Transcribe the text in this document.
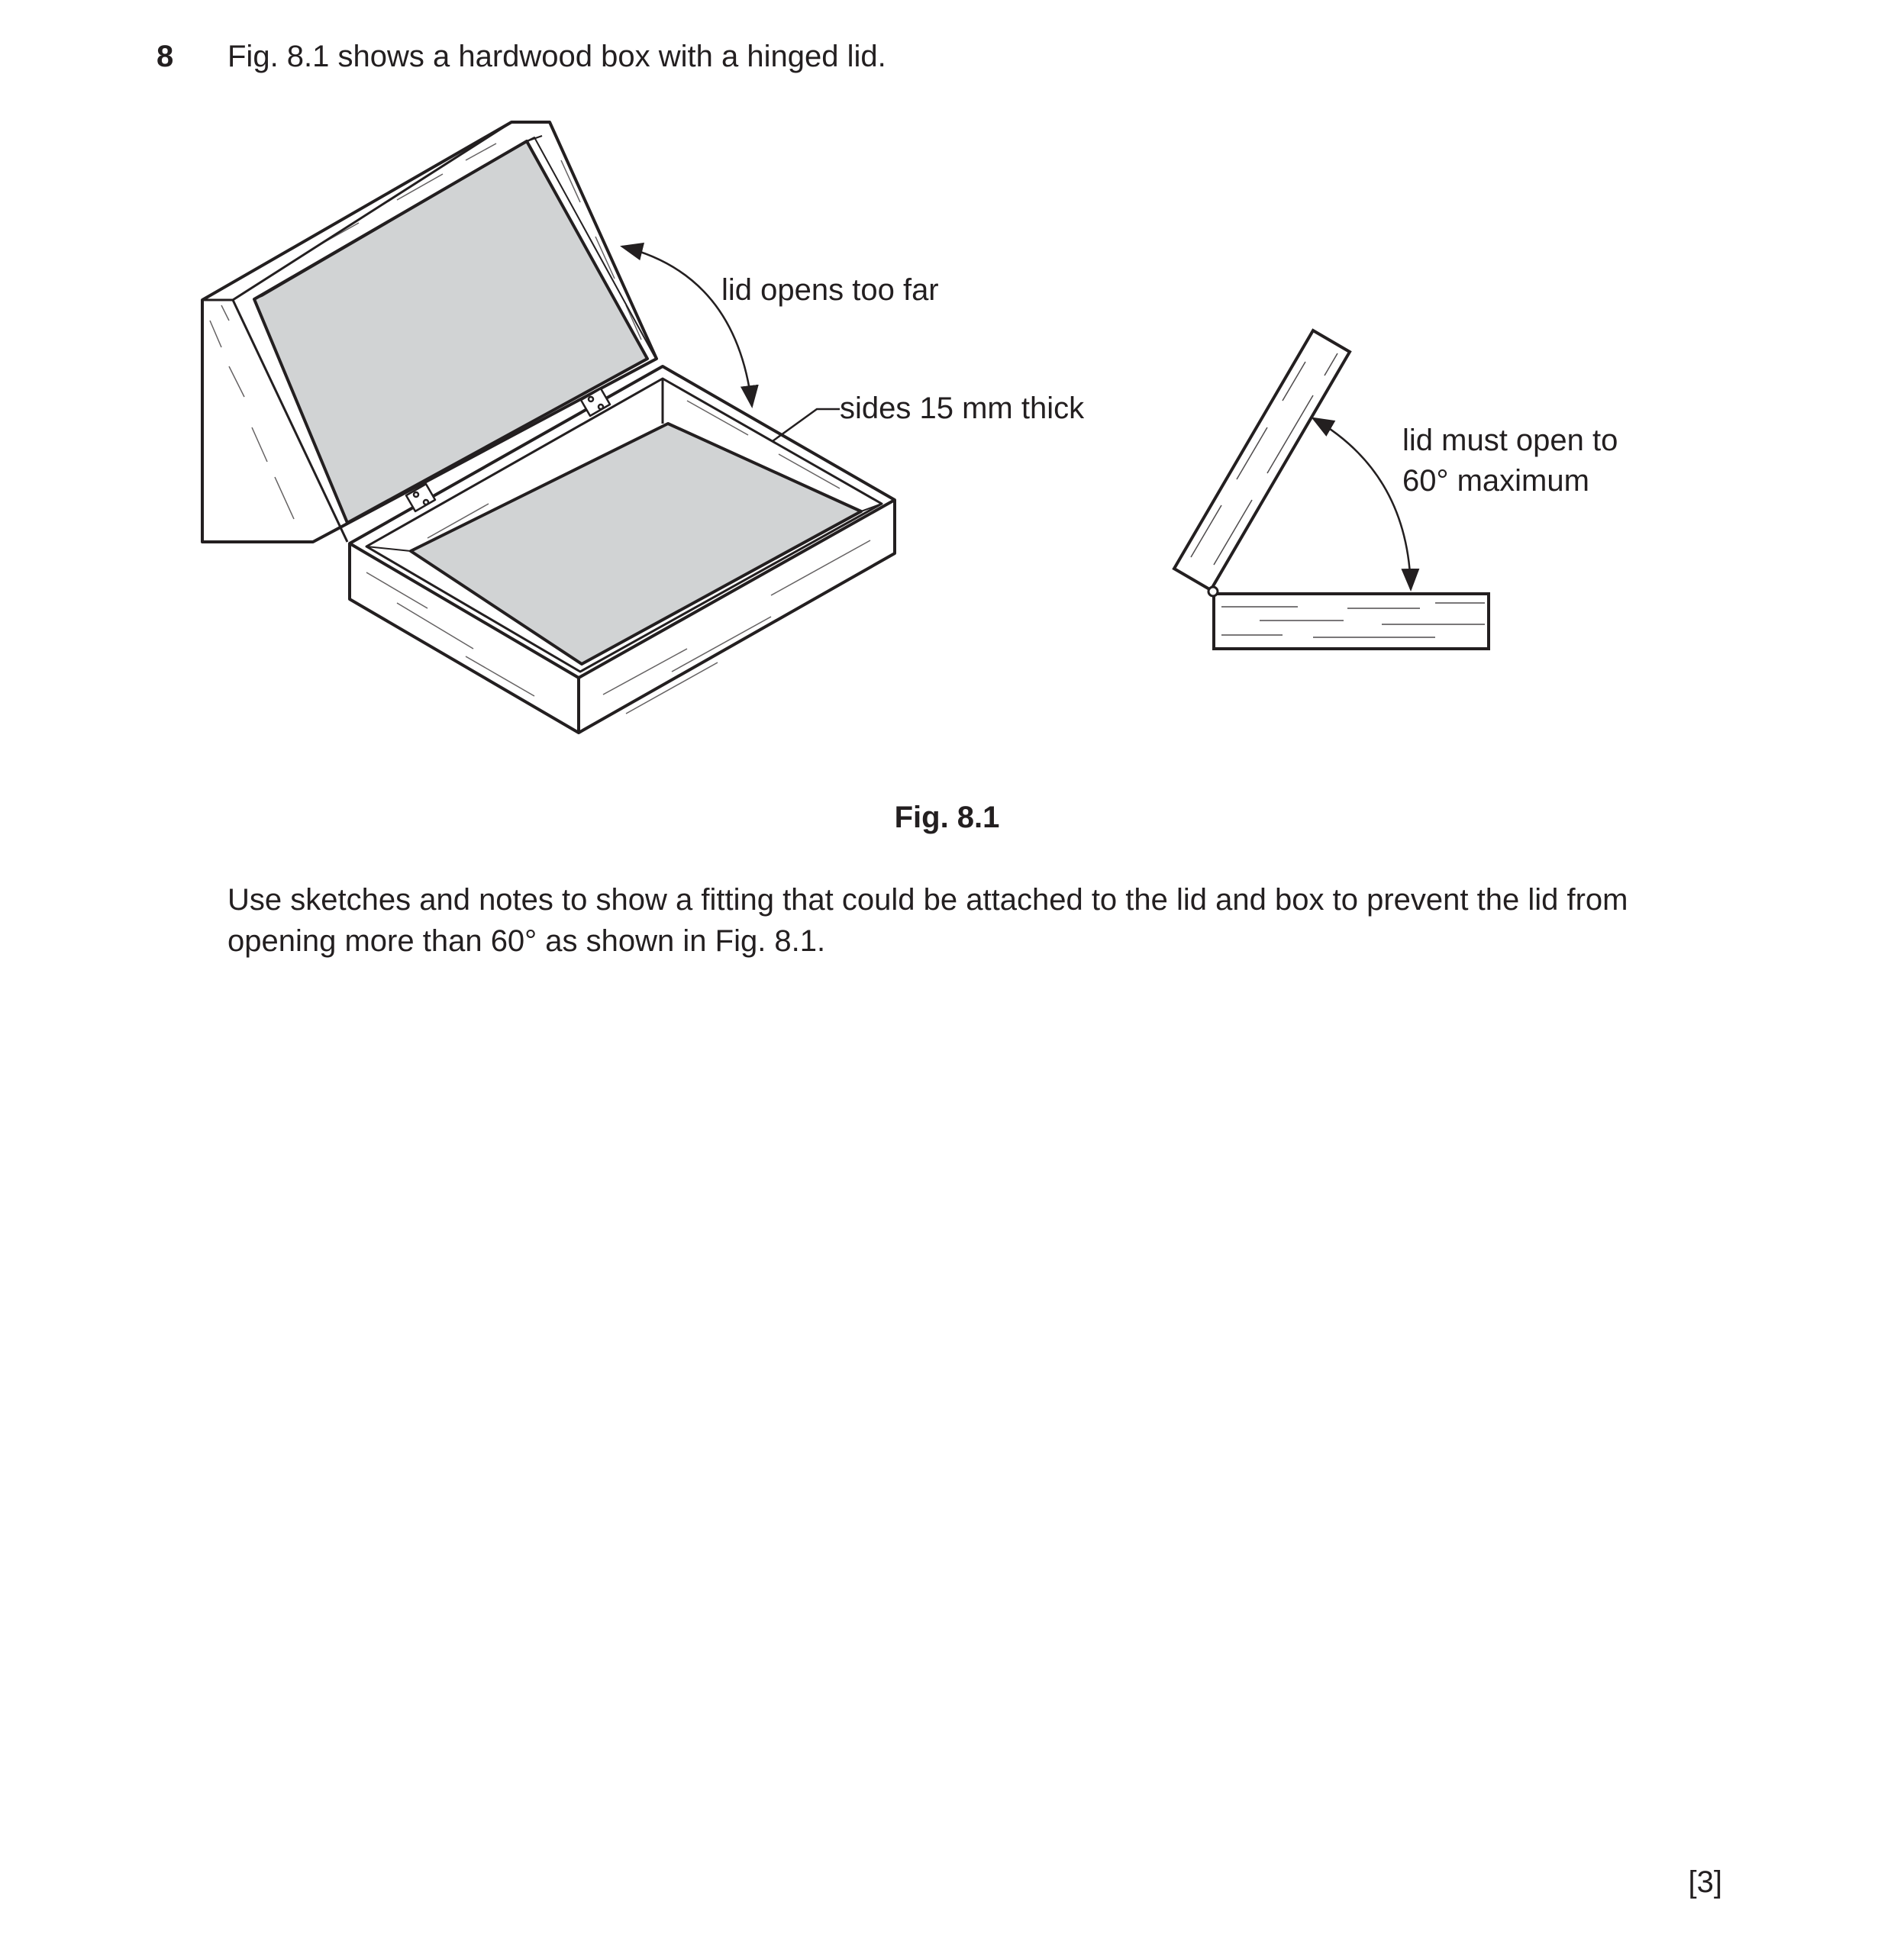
8 Fig. 8.1 shows a hardwood box with a hinged lid.
lid opens too far
sides 15 mm thick
lid must open to
60° maximum
Fig. 8.1
Use sketches and notes to show a fitting that could be attached to the lid and box to prevent the lid from opening more than 60° as shown in Fig. 8.1.
[3]
